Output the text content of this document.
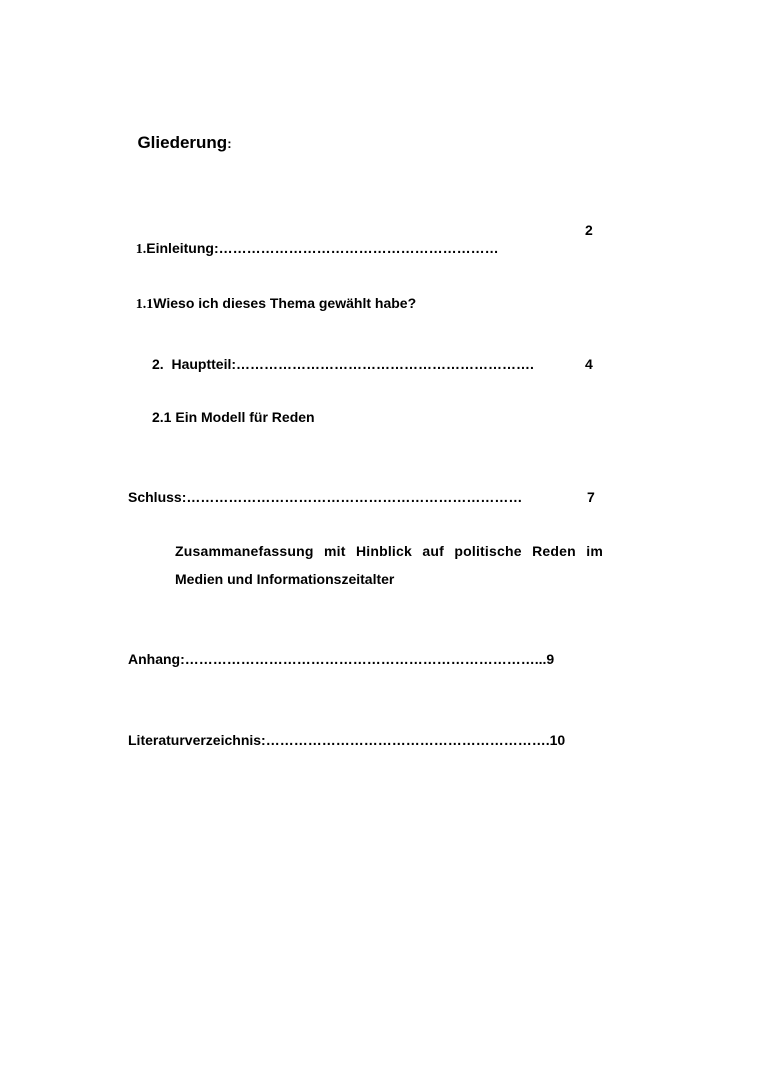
Gliederung:

1.Einleitung:……………………………………………………

2

1.1Wieso ich dieses Thema gewählt habe?

2.  Hauptteil:……………………………………………………….	4
2.1 Ein Modell für Reden
Schluss:………………………………………………………………	7
Zusammanefassung mit Hinblick auf politische Reden im
Medien und Informationszeitalter
Anhang:…………………………………………………………………...9
Literaturverzeichnis:…………………………………………………….10
